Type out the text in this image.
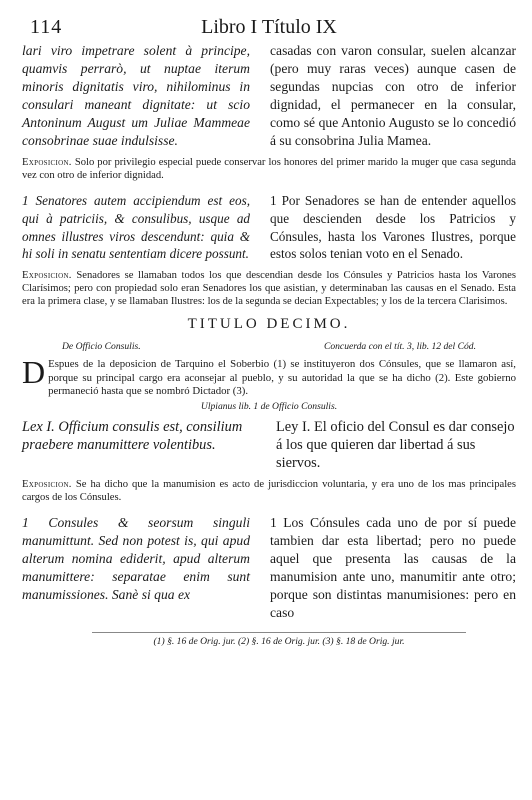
114	Libro I Título IX
lari viro impetrare solent à principe, quamvis perrarò, ut nuptae iterum minoris dignitatis viro, nihilominus in consulari maneant dignitate: ut scio Antoninum August um Juliae Mammeae consobrinae suae indulsisse.
casadas con varon consular, suelen alcanzar (pero muy raras veces) aunque casen de segundas nupcias con otro de inferior dignidad, el permanecer en la consular, como sé que Antonio Augusto se lo concedió á su consobrina Julia Mamea.
Exposicion. Solo por privilegio especial puede conservar los honores del primer marido la muger que casa segunda vez con otro de inferior dignidad.
1 Senatores autem accipiendum est eos, qui à patriciis, & consulibus, usque ad omnes illustres viros descendunt: quia & hi soli in senatu sententiam dicere possunt.
1 Por Senadores se han de entender aquellos que descienden desde los Patricios y Cónsules, hasta los Varones Ilustres, porque estos solos tenian voto en el Senado.
Exposicion. Senadores se llamaban todos los que descendian desde los Cónsules y Patricios hasta los Varones Clarísimos; pero con propiedad solo eran Senadores los que asistian, y determinaban las causas en el Senado. Esta era la primera clase, y se llamaban Ilustres: los de la segunda se decian Expectables; y los de la tercera Clarisimos.
TITULO DECIMO.
De Officio Consulis.	Concuerda con el tít. 3, lib. 12 del Cód.
D Espues de la deposicion de Tarquino el Soberbio (1) se instituyeron dos Cónsules, que se llamaron así, porque su principal cargo era aconsejar al pueblo, y su autoridad la que se ha dicho (2). Este gobierno permaneció hasta que se nombró Dictador (3).
Ulpianus lib. 1 de Officio Consulis.
Lex I. Officium consulis est, consilium praebere manumittere volentibus.
Ley I. El oficio del Consul es dar consejo á los que quieren dar libertad á sus siervos.
Exposicion. Se ha dicho que la manumision es acto de jurisdiccion voluntaria, y era uno de los mas principales cargos de los Cónsules.
1 Consules & seorsum singuli manumittunt. Sed non potest is, qui apud alterum nomina ediderit, apud alterum manumittere: separatae enim sunt manumissiones. Sanè si qua ex
1 Los Cónsules cada uno de por sí puede tambien dar esta libertad; pero no puede aquel que presenta las causas de la manumision ante uno, manumitir ante otro; porque son distintas manumisiones: pero en caso
(1) §. 16 de Orig. jur. (2) §. 16 de Orig. jur. (3) §. 18 de Orig. jur.
